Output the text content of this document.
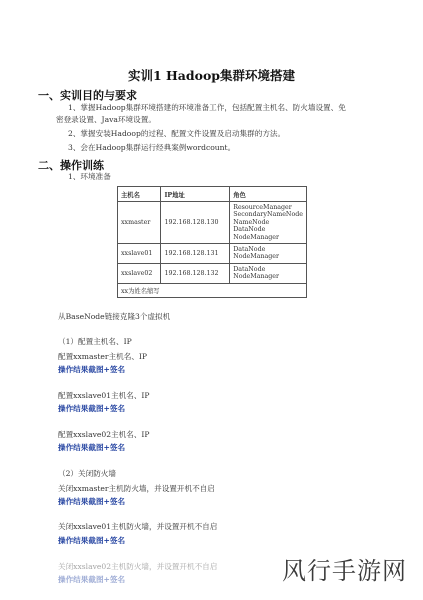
实训1 Hadoop集群环境搭建
一、实训目的与要求
1、掌握Hadoop集群环境搭建的环境准备工作，包括配置主机名、防火墙设置、免
密登录设置、Java环境设置。
2、掌握安装Hadoop的过程、配置文件设置及启动集群的方法。
3、会在Hadoop集群运行经典案例wordcount。
二、操作训练
1、环境准备
主机名	IP地址	角色
xxmaster	192.168.128.130	ResourceManager
SecondaryNameNode
NameNode
DataNode
NodeManager

xxslave01	192.168.128.131	DataNode
NodeManager

xxslave02	192.168.128.132	DataNode
NodeManager

xx为姓名缩写		
从BaseNode链接克隆3个虚拟机
（1）配置主机名、IP
配置xxmaster主机名、IP
操作结果截图+签名
配置xxslave01主机名、IP
操作结果截图+签名
配置xxslave02主机名、IP
操作结果截图+签名
（2）关闭防火墙
关闭xxmaster主机防火墙，并设置开机不自启
操作结果截图+签名
关闭xxslave01主机防火墙，并设置开机不自启
操作结果截图+签名
关闭xxslave02主机防火墙，并设置开机不自启
操作结果截图+签名	风行手游网
